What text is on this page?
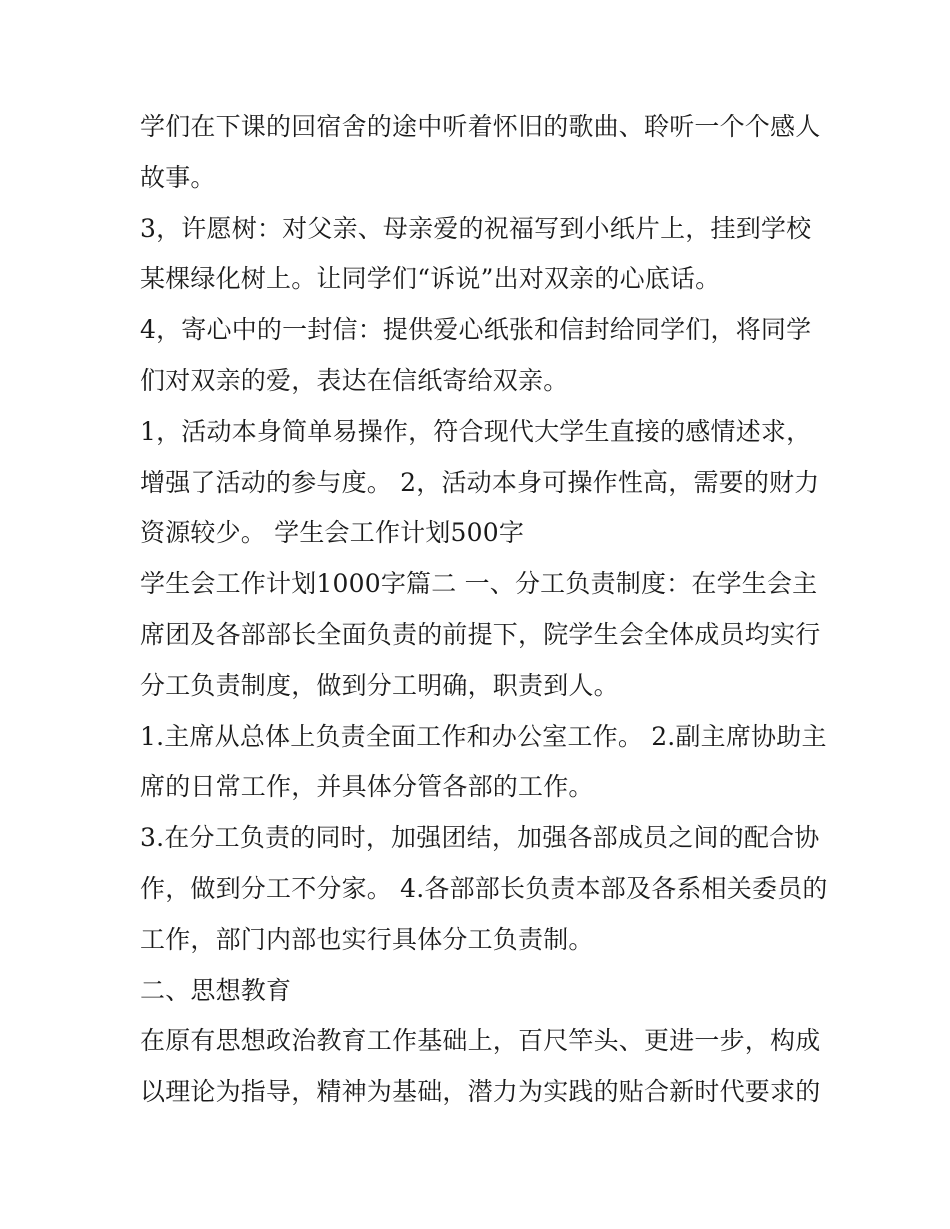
学们在下课的回宿舍的途中听着怀旧的歌曲、聆听一个个感人
故事。
3，许愿树：对父亲、母亲爱的祝福写到小纸片上，挂到学校
某棵绿化树上。让同学们“诉说”出对双亲的心底话。
4，寄心中的一封信：提供爱心纸张和信封给同学们，将同学
们对双亲的爱，表达在信纸寄给双亲。
1，活动本身简单易操作，符合现代大学生直接的感情述求，
增强了活动的参与度。 2，活动本身可操作性高，需要的财力
资源较少。 学生会工作计划500字
学生会工作计划1000字篇二 一、分工负责制度：在学生会主
席团及各部部长全面负责的前提下，院学生会全体成员均实行
分工负责制度，做到分工明确，职责到人。
1.主席从总体上负责全面工作和办公室工作。 2.副主席协助主
席的日常工作，并具体分管各部的工作。
3.在分工负责的同时，加强团结，加强各部成员之间的配合协
作，做到分工不分家。 4.各部部长负责本部及各系相关委员的
工作，部门内部也实行具体分工负责制。
二、思想教育
在原有思想政治教育工作基础上，百尺竿头、更进一步，构成
以理论为指导，精神为基础，潜力为实践的贴合新时代要求的
